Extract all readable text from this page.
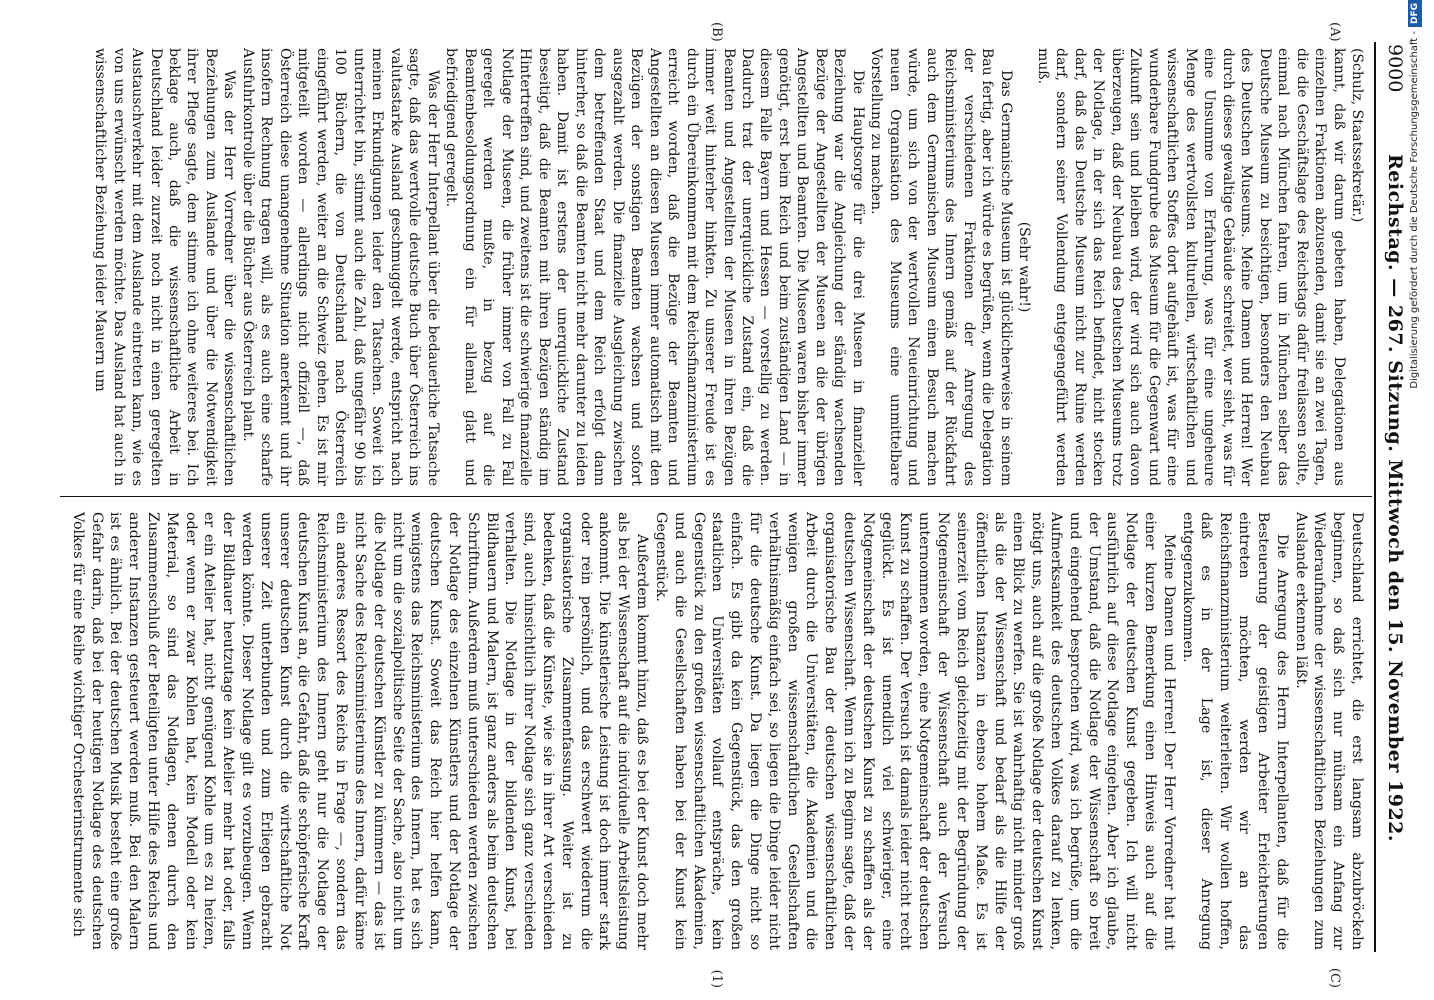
9000
Reichstag. — 267. Sitzung. Mittwoch den 15. November 1922.
(A)
(B)
(C)
(1)

(Schulz, Staatssekretär.)

kannt, daß wir darum gebeten haben, Delegationen aus einzelnen Fraktionen abzusenden, damit sie an zwei Tagen, die die Geschäftslage des Reichstags dafür freilassen sollte, einmal nach München fahren, um in München selber das Deutsche Museum zu besichtigen, besonders den Neubau des Deutschen Museums. Meine Damen und Herren! Wer durch dieses gewaltige Gebäude schreitet, wer sieht, was für eine Unsumme von Erfahrung, was für eine ungeheure Menge des wertvollsten kulturellen, wirtschaftlichen und wissenschaftlichen Stoffes dort aufgehäuft ist, was für eine wunderbare Fundgrube das Museum für die Gegenwart und Zukunft sein und bleiben wird, der wird sich auch davon überzeugen, daß der Neubau des Deutschen Museums trotz der Notlage, in der sich das Reich befindet, nicht stocken darf, daß das Deutsche Museum nicht zur Ruine werden darf, sondern seiner Vollendung entgegengeführt werden muß.

(Sehr wahr!)

Das Germanische Museum ist glücklicherweise in seinem Bau fertig, aber ich würde es begrüßen, wenn die Delegation der verschiedenen Fraktionen der Anregung des Reichsministeriums des Innern gemäß auf der Rückfahrt auch dem Germanischen Museum einen Besuch machen würde, um sich von der wertvollen Neueinrichtung und neuen Organisation des Museums eine unmittelbare Vorstellung zu machen.

Die Hauptsorge für die drei Museen in finanzieller Beziehung war die Angleichung der ständig wachsenden Bezüge der Angestellten der Museen an die der übrigen Angestellten und Beamten. Die Museen waren bisher immer genötigt, erst beim Reich und beim zuständigen Land — in diesem Falle Bayern und Hessen — vorstellig zu werden. Dadurch trat der unerquickliche Zustand ein, daß die Beamten und Angestellten der Museen in ihren Bezügen immer weit hinterher hinkten. Zu unserer Freude ist es durch ein Übereinkommen mit dem Reichsfinanzministerium erreicht worden, daß die Bezüge der Beamten und Angestellten an diesen Museen immer automatisch mit den Bezügen der sonstigen Beamten wachsen und sofort ausgezahlt werden. Die finanzielle Ausgleichung zwischen dem betreffenden Staat und dem Reich erfolgt dann hinterher, so daß die Beamten nicht mehr darunter zu leiden haben. Damit ist erstens der unerquickliche Zustand beseitigt, daß die Beamten mit ihren Bezügen ständig im Hintertreffen sind, und zweitens ist die schwierige finanzielle Notlage der Museen, die früher immer von Fall zu Fall geregelt werden mußte, in bezug auf die Beamtenbesoldungsordnung ein für allemal glatt und befriedigend geregelt.

Was der Herr Interpellant über die bedauerliche Tatsache sagte, daß das wertvolle deutsche Buch über Österreich ins valutastarke Ausland geschmuggelt werde, entspricht nach meinen Erkundigungen leider den Tatsachen. Soweit ich unterrichtet bin, stimmt auch die Zahl, daß ungefähr 90 bis 100 Büchern, die von Deutschland nach Österreich eingeführt werden, weiter an die Schweiz gehen. Es ist mir mitgeteilt worden — allerdings nicht offiziell —, daß Österreich diese unangenehme Situation anerkennt und ihr insofern Rechnung tragen will, als es auch eine scharfe Ausfuhrkontrolle über die Bücher aus Österreich plant.

Was der Herr Vorredner über die wissenschaftlichen Beziehungen zum Auslande und über die Notwendigkeit ihrer Pflege sagte, dem stimme ich ohne weiteres bei. Ich beklage auch, daß die wissenschaftliche Arbeit in Deutschland leider zurzeit noch nicht in einen geregelten Austauschverkehr mit dem Auslande eintreten kann, wie es von uns erwünscht werden möchte. Das Ausland hat auch in wissenschaftlicher Beziehung leider Mauern um

Deutschland errichtet, die erst langsam abzubröckeln beginnen, so daß sich nur mühsam ein Anfang zur Wiederaufnahme der wissenschaftlichen Beziehungen zum Auslande erkennen läßt.

Die Anregung des Herrn Interpellanten, daß für die Besteuerung der geistigen Arbeiter Erleichterungen eintreten möchten, werden wir an das Reichsfinanzministerium weiterleiten. Wir wollen hoffen, daß es in der Lage ist, dieser Anregung entgegenzukommen.

Meine Damen und Herren! Der Herr Vorredner hat mit einer kurzen Bemerkung einen Hinweis auch auf die Notlage der deutschen Kunst gegeben. Ich will nicht ausführlich auf diese Notlage eingehen. Aber ich glaube, der Umstand, daß die Notlage der Wissenschaft so breit und eingehend besprochen wird, was ich begrüße, um die Aufmerksamkeit des deutschen Volkes darauf zu lenken, nötigt uns, auch auf die große Notlage der deutschen Kunst einen Blick zu werfen. Sie ist wahrhaftig nicht minder groß als die der Wissenschaft und bedarf als die Hilfe der öffentlichen Instanzen in ebenso hohem Maße. Es ist seinerzeit vom Reich gleichzeitig mit der Begründung der Notgemeinschaft der Wissenschaft auch der Versuch unternommen worden, eine Notgemeinschaft der deutschen Kunst zu schaffen. Der Versuch ist damals leider nicht recht geglückt. Es ist unendlich viel schwieriger, eine Notgemeinschaft der deutschen Kunst zu schaffen als der deutschen Wissenschaft. Wenn ich zu Beginn sagte, daß der organisatorische Bau der deutschen wissenschaftlichen Arbeit durch die Universitäten, die Akademien und die wenigen großen wissenschaftlichen Gesellschaften verhältnismäßig einfach sei, so liegen die Dinge leider nicht für die deutsche Kunst. Da liegen die Dinge nicht so einfach. Es gibt da kein Gegenstück, das den großen staatlichen Universitäten vollauf entspräche, kein Gegenstück zu den großen wissenschaftlichen Akademien, und auch die Gesellschaften haben bei der Kunst kein Gegenstück.

Außerdem kommt hinzu, daß es bei der Kunst doch mehr als bei der Wissenschaft auf die individuelle Arbeitsleistung ankommt. Die künstlerische Leistung ist doch immer stark oder rein persönlich, und das erschwert wiederum die organisatorische Zusammenfassung. Weiter ist zu bedenken, daß die Künste, wie sie in ihrer Art verschieden sind, auch hinsichtlich ihrer Notlage sich ganz verschieden verhalten. Die Notlage in der bildenden Kunst, bei Bildhauern und Malern, ist ganz anders als beim deutschen Schrifttum. Außerdem muß unterschieden werden zwischen der Notlage des einzelnen Künstlers und der Notlage der deutschen Kunst. Soweit das Reich hier helfen kann, wenigstens das Reichsministerium des Innern, hat es sich nicht um die sozialpolitische Seite der Sache, also nicht um die Notlage der deutschen Künstler zu kümmern — das ist nicht Sache des Reichsministeriums des Innern, dafür käme ein anderes Ressort des Reichs in Frage —, sondern das Reichsministerium des Innern geht nur die Notlage der deutschen Kunst an, die Gefahr, daß die schöpferische Kraft unserer deutschen Kunst durch die wirtschaftliche Not unserer Zeit unterbunden und zum Erliegen gebracht werden könnte. Dieser Notlage gilt es vorzubeugen. Wenn der Bildhauer heutzutage kein Atelier mehr hat oder, falls er ein Atelier hat, nicht genügend Kohle um es zu heizen, oder wenn er zwar Kohlen hat, kein Modell oder kein Material, so sind das Notlagen, denen durch den Zusammenschluß der Beteiligten unter Hilfe des Reichs und anderer Instanzen gesteuert werden muß. Bei den Malern ist es ähnlich. Bei der deutschen Musik besteht eine große Gefahr darin, daß bei der heutigen Notlage des deutschen Volkes für eine Reihe wichtiger Orchesterinstrumente sich

Digitalisierung gefördert durch die Deutsche Forschungsgemeinschaft -DFG
